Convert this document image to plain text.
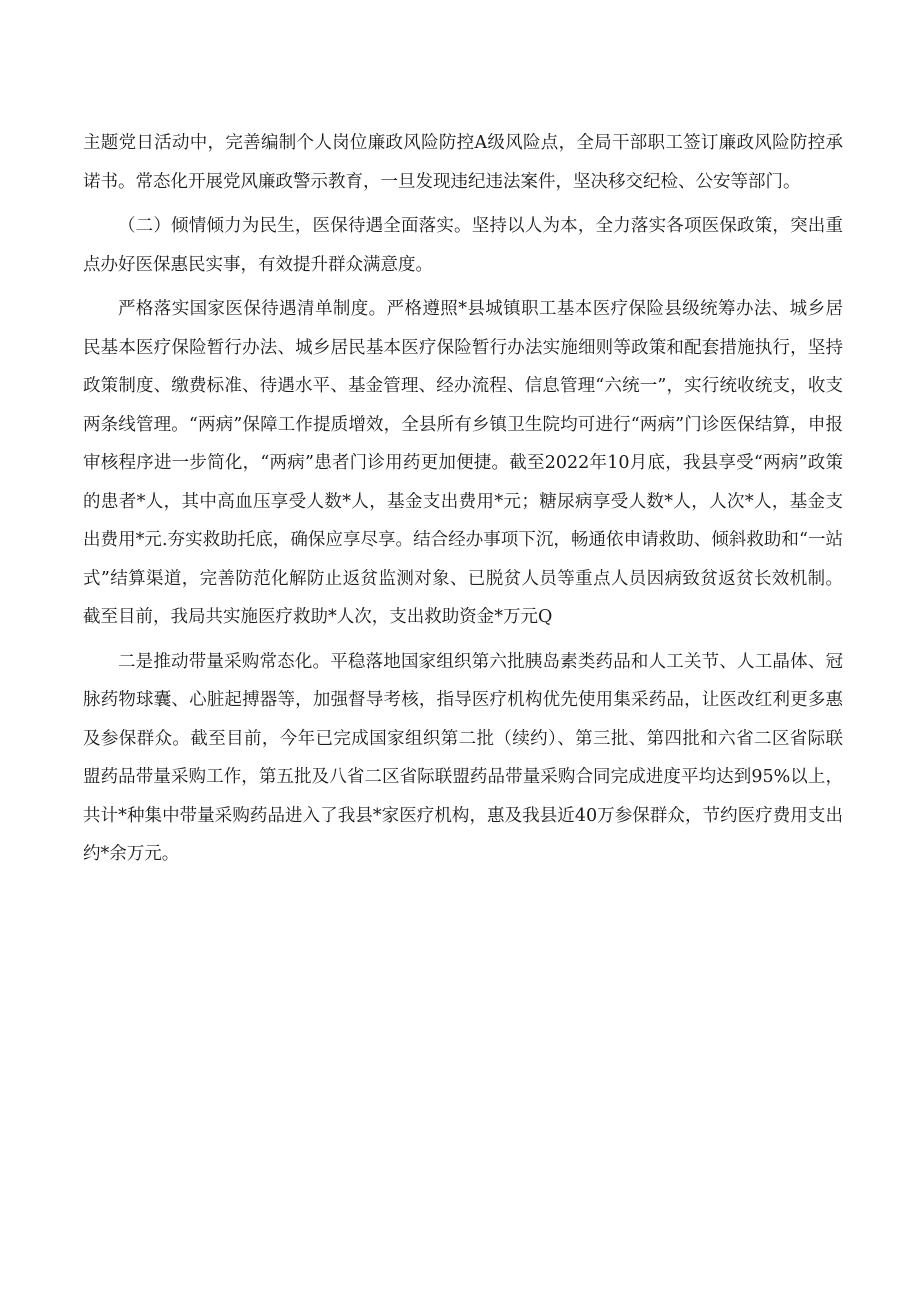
主题党日活动中，完善编制个人岗位廉政风险防控A级风险点，全局干部职工签订廉政风险防控承诺书。常态化开展党风廉政警示教育，一旦发现违纪违法案件，坚决移交纪检、公安等部门。

（二）倾情倾力为民生，医保待遇全面落实。坚持以人为本，全力落实各项医保政策，突出重点办好医保惠民实事，有效提升群众满意度。

严格落实国家医保待遇清单制度。严格遵照*县城镇职工基本医疗保险县级统筹办法、城乡居民基本医疗保险暂行办法、城乡居民基本医疗保险暂行办法实施细则等政策和配套措施执行，坚持政策制度、缴费标准、待遇水平、基金管理、经办流程、信息管理“六统一”，实行统收统支，收支两条线管理。“两病”保障工作提质增效，全县所有乡镇卫生院均可进行“两病”门诊医保结算，申报审核程序进一步简化，“两病”患者门诊用药更加便捷。截至2022年10月底，我县享受“两病”政策的患者*人，其中高血压享受人数*人，基金支出费用*元；糖尿病享受人数*人，人次*人，基金支出费用*元.夯实救助托底，确保应享尽享。结合经办事项下沉，畅通依申请救助、倾斜救助和“一站式”结算渠道，完善防范化解防止返贫监测对象、已脱贫人员等重点人员因病致贫返贫长效机制。截至目前，我局共实施医疗救助*人次，支出救助资金*万元Q

二是推动带量采购常态化。平稳落地国家组织第六批胰岛素类药品和人工关节、人工晶体、冠脉药物球囊、心脏起搏器等，加强督导考核，指导医疗机构优先使用集采药品，让医改红利更多惠及参保群众。截至目前，今年已完成国家组织第二批（续约）、第三批、第四批和六省二区省际联盟药品带量采购工作，第五批及八省二区省际联盟药品带量采购合同完成进度平均达到95%以上，共计*种集中带量采购药品进入了我县*家医疗机构，惠及我县近40万参保群众，节约医疗费用支出约*余万元。
